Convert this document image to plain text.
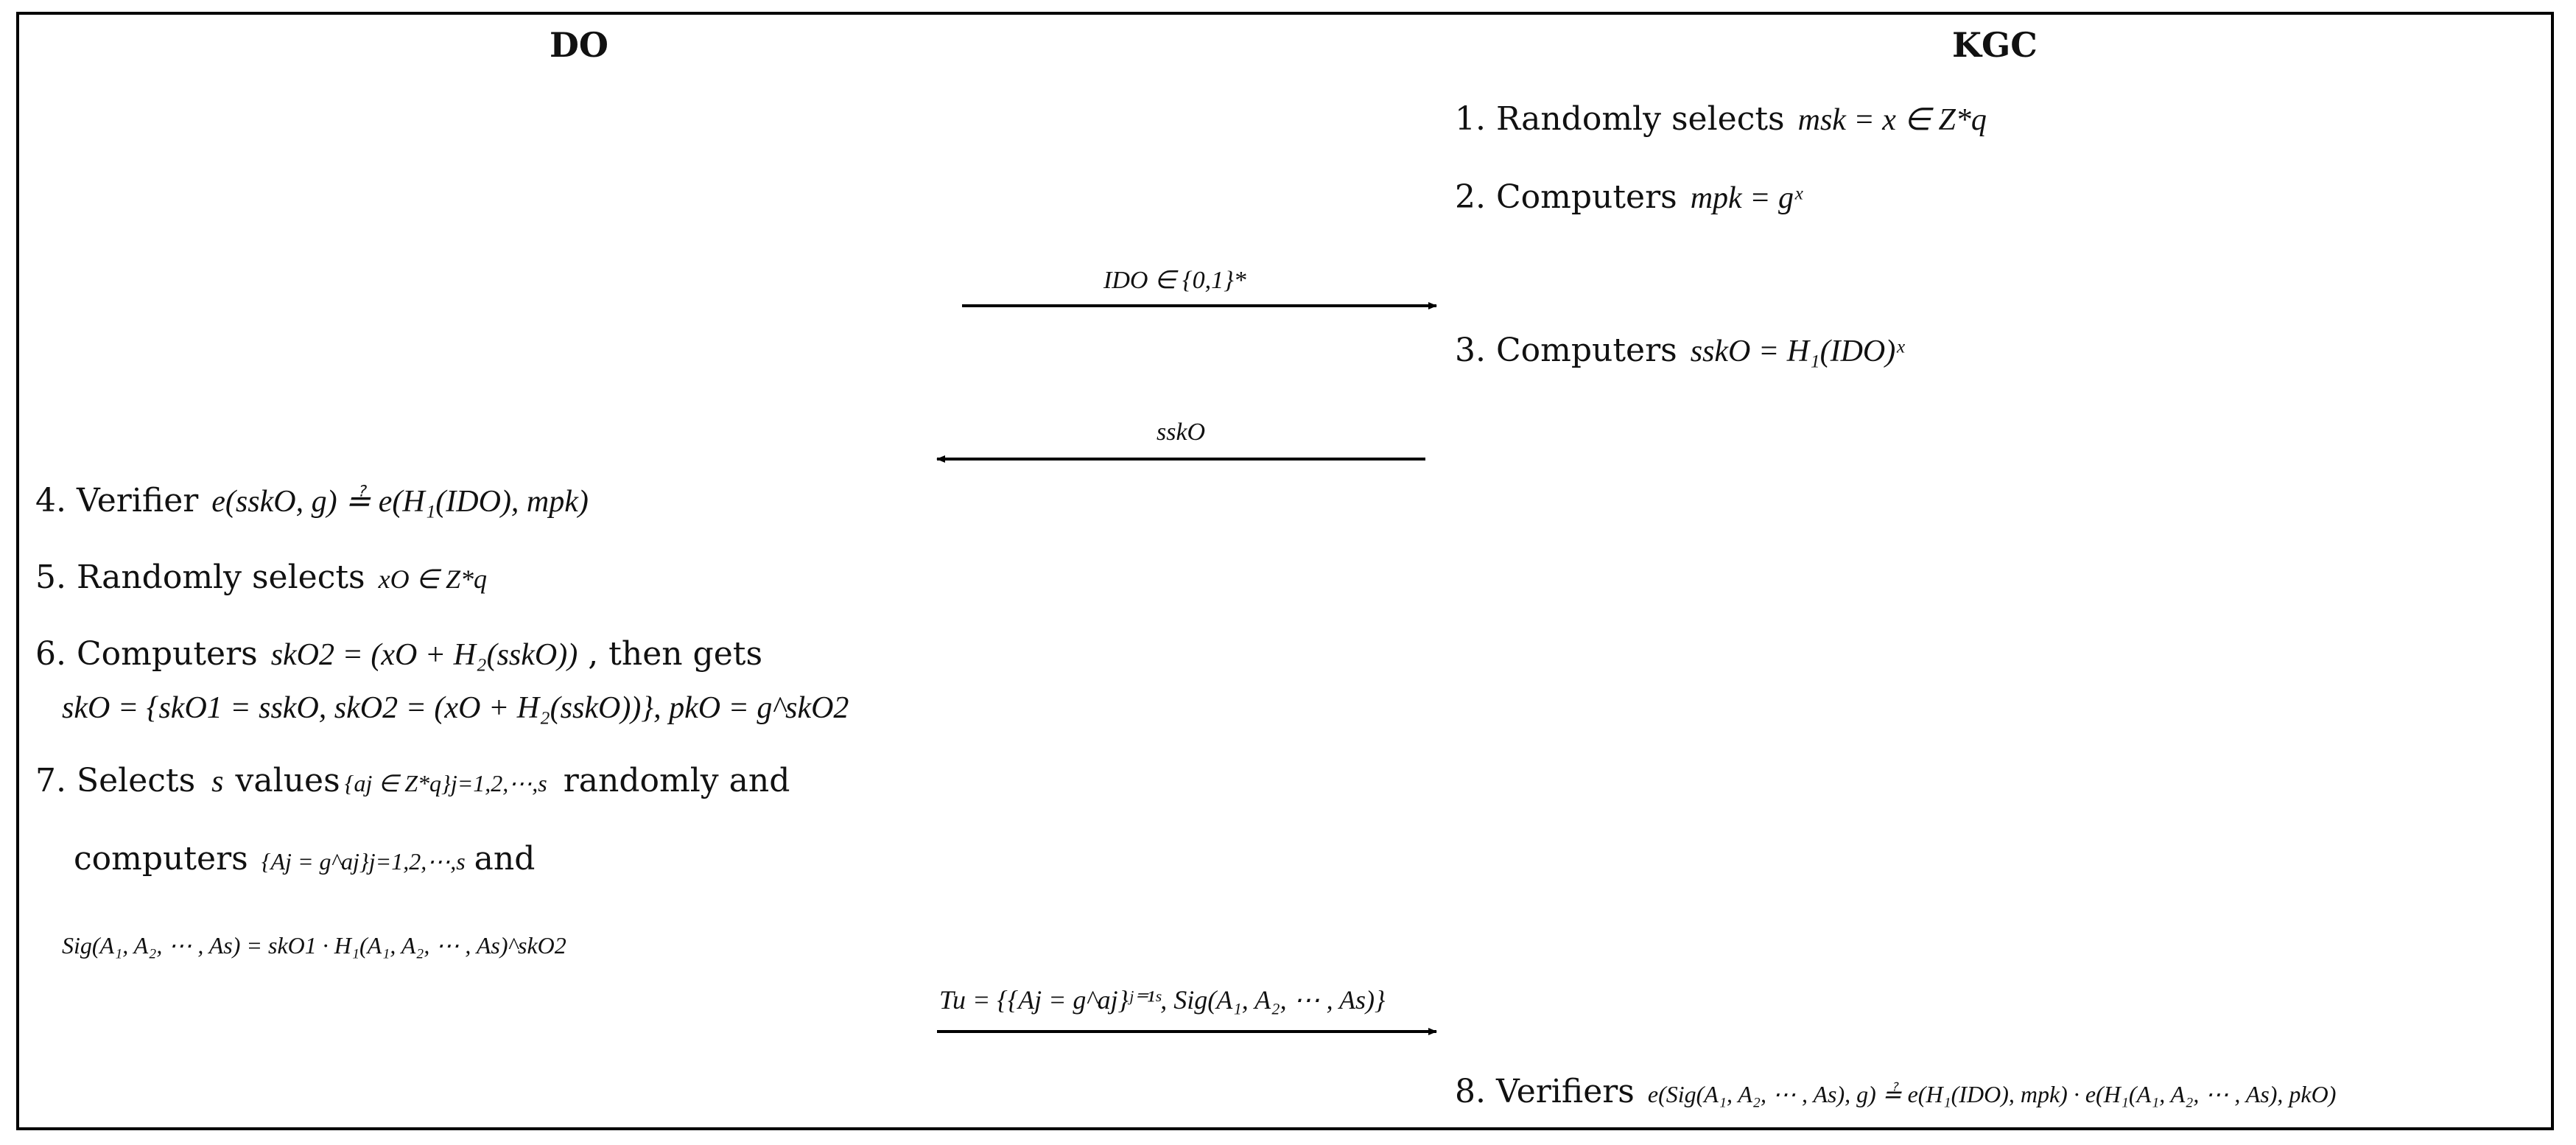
DO	KGC
1. Randomly selects msk = x ∈ Z*q
2. Computers mpk = gˣ
3. Computers sskO = H₁(IDO)ˣ
IDO ∈ {0,1}*
sskO
Tu = {{Aj = g^aj}ʲ⁼¹ˢ, Sig(A₁, A₂, ⋯ , As)}
4. Verifier e(sskO, g) ≟ e(H₁(IDO), mpk)
5. Randomly selects xO ∈ Z*q
6. Computers skO2 = (xO + H₂(sskO)) , then gets
skO = {skO1 = sskO, skO2 = (xO + H₂(sskO))}, pkO = g^skO2
7. Selects s values {aj ∈ Z*q}j=1,2,⋯,s randomly and
computers {Aj = g^aj}j=1,2,⋯,s and
Sig(A₁, A₂, ⋯ , As) = skO1 · H₁(A₁, A₂, ⋯ , As)^skO2
8. Verifiers e(Sig(A₁, A₂, ⋯ , As), g) ≟ e(H₁(IDO), mpk) · e(H₁(A₁, A₂, ⋯ , As), pkO)
